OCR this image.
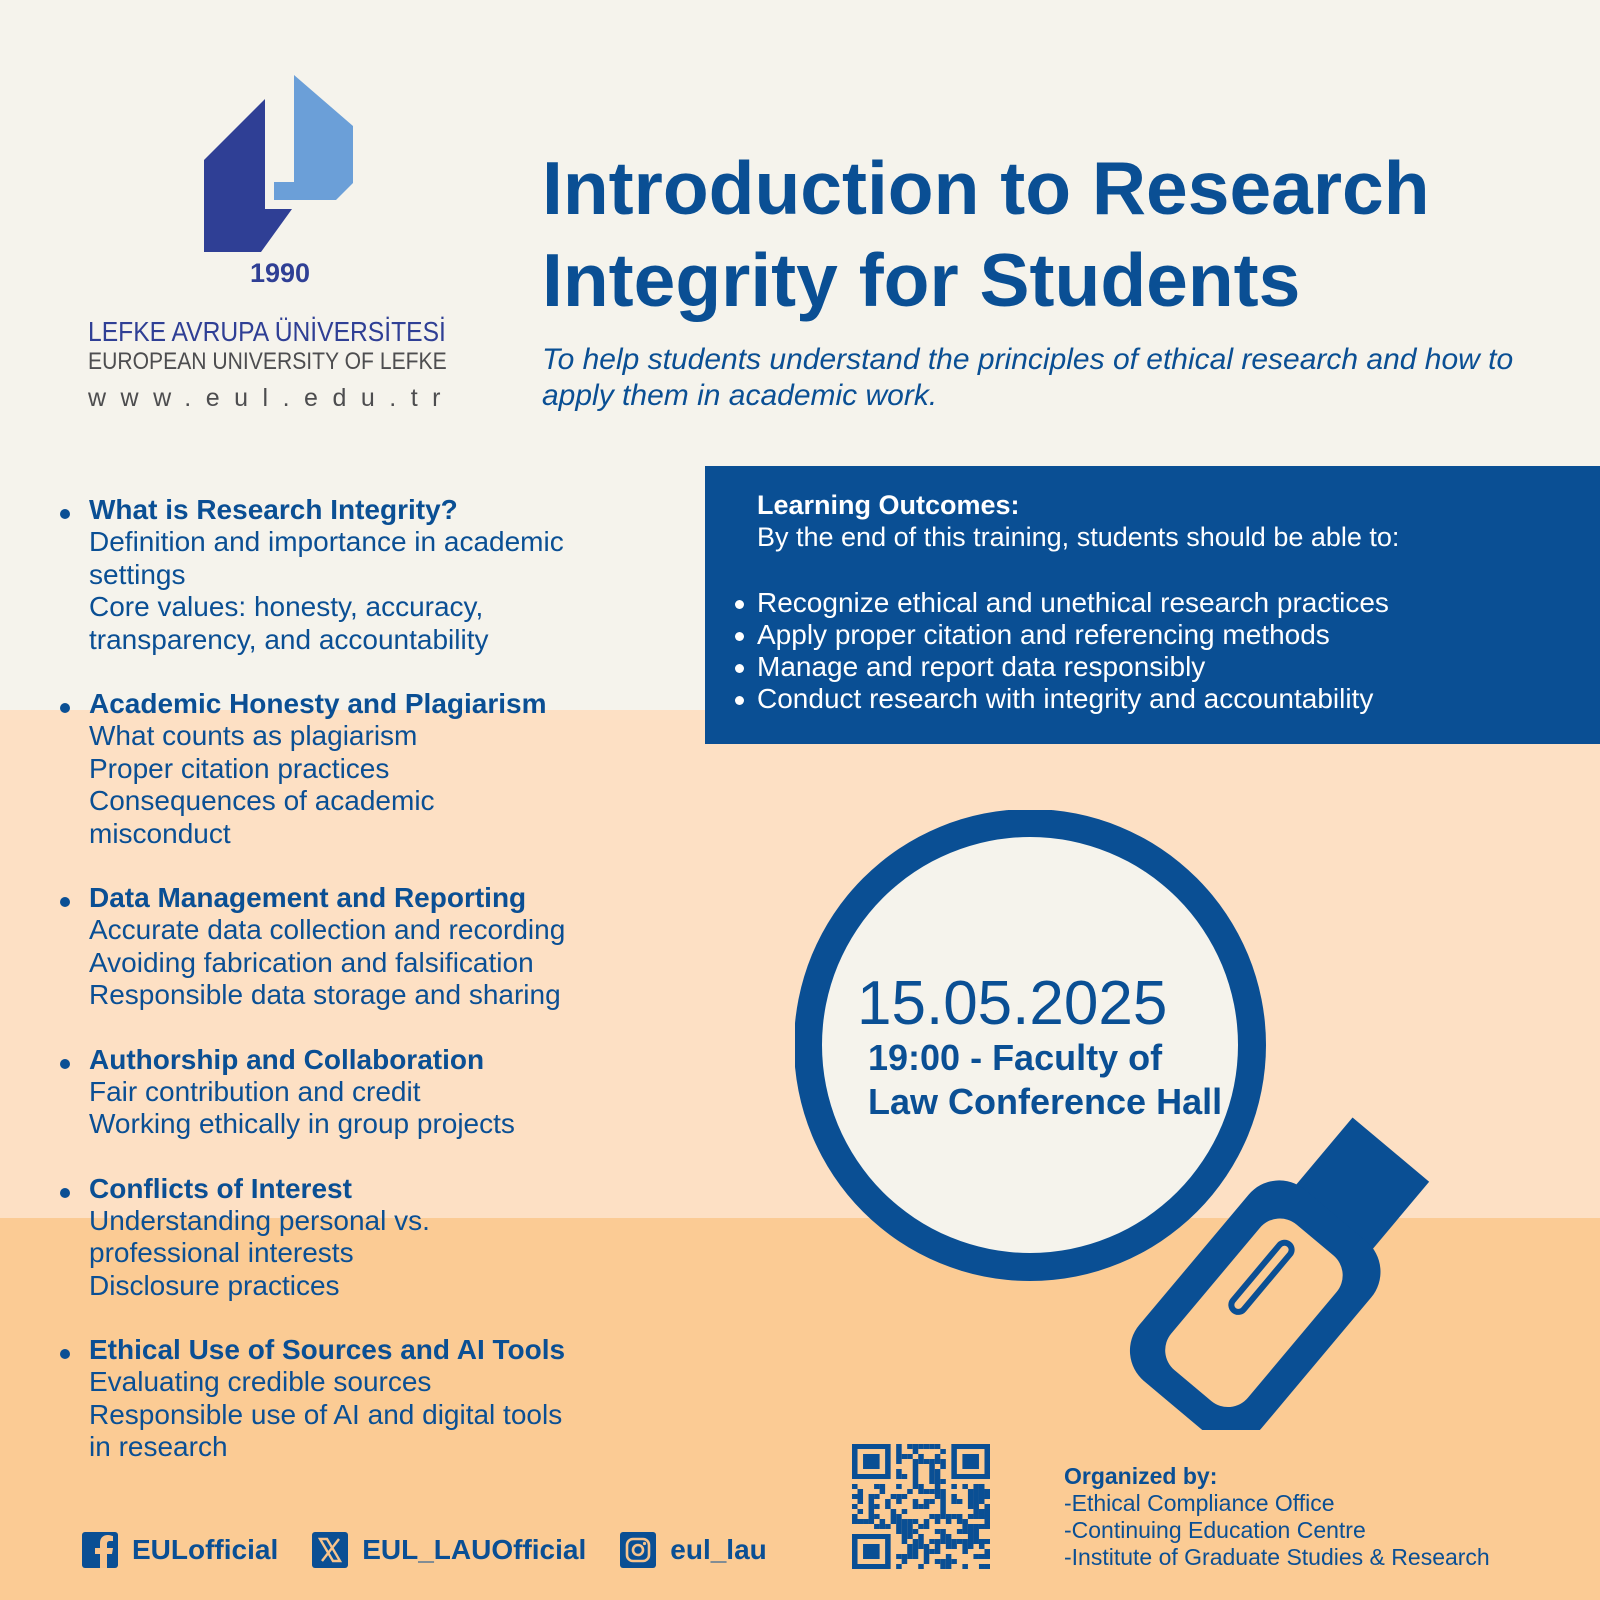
1990
LEFKE AVRUPA ÜNİVERSİTESİ
EUROPEAN UNIVERSITY OF LEFKE
www.eul.edu.tr
Introduction to Research Integrity for Students

To help students understand the principles of ethical research and how to apply them in academic work.

What is Research Integrity?
Definition and importance in academic
settings
Core values: honesty, accuracy,
transparency, and accountability
Academic Honesty and Plagiarism
What counts as plagiarism
Proper citation practices
Consequences of academic
misconduct
Data Management and Reporting
Accurate data collection and recording
Avoiding fabrication and falsification
Responsible data storage and sharing
Authorship and Collaboration
Fair contribution and credit
Working ethically in group projects
Conflicts of Interest
Understanding personal vs.
professional interests
Disclosure practices
Ethical Use of Sources and AI Tools
Evaluating credible sources
Responsible use of AI and digital tools
in research
Learning Outcomes:
By the end of this training, students should be able to:
Recognize ethical and unethical research practices
Apply proper citation and referencing methods
Manage and report data responsibly
Conduct research with integrity and accountability
15.05.2025
19:00 - Faculty of Law Conference Hall
EULofficial	EUL_LAUOfficial	eul_lau
Organized by:
-Ethical Compliance Office
-Continuing Education Centre
-Institute of Graduate Studies & Research
